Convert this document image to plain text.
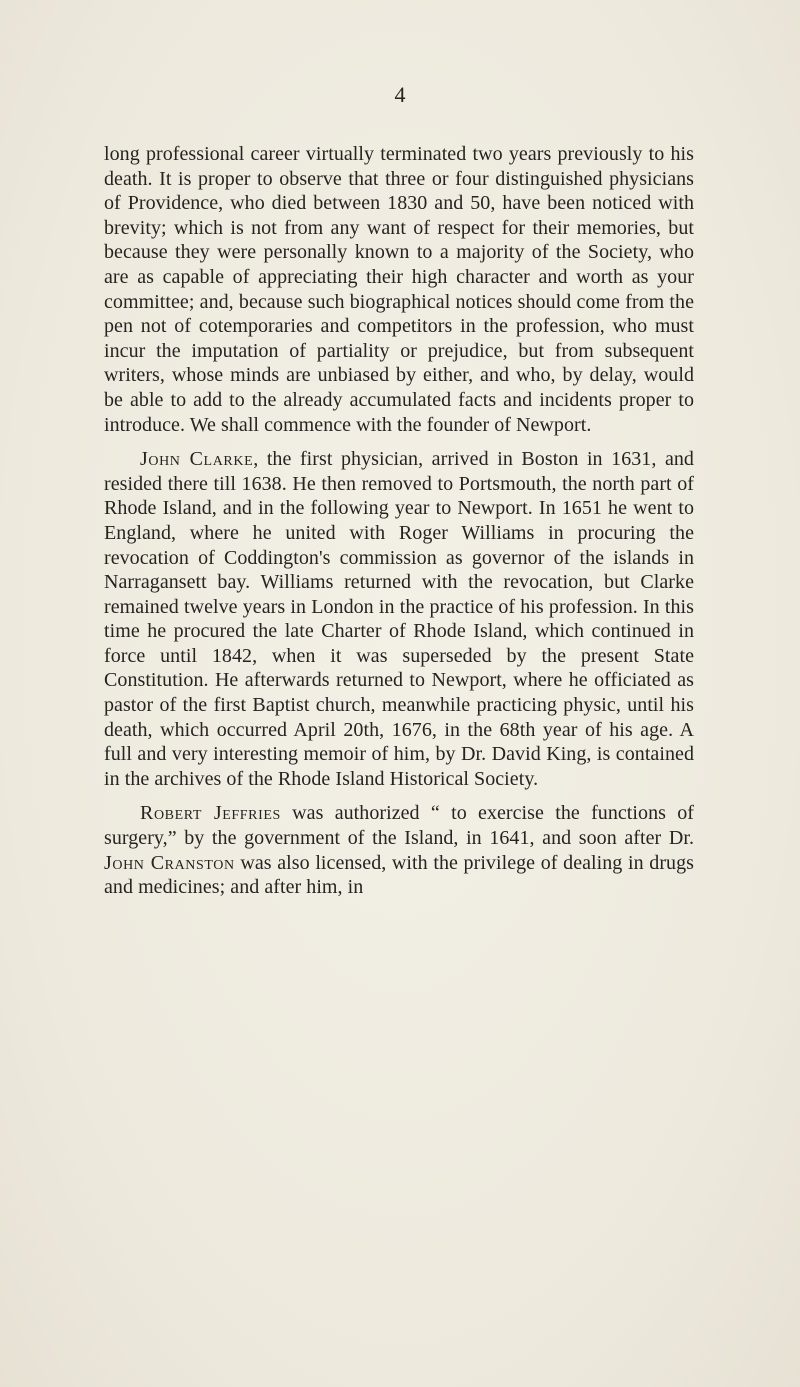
4

long professional career virtually terminated two years previously to his death. It is proper to observe that three or four distinguished physicians of Providence, who died between 1830 and 50, have been noticed with brevity; which is not from any want of respect for their memories, but because they were personally known to a majority of the Society, who are as capable of appreciating their high character and worth as your committee; and, because such biographical notices should come from the pen not of cotemporaries and competitors in the profession, who must incur the imputation of partiality or prejudice, but from subsequent writers, whose minds are unbiased by either, and who, by delay, would be able to add to the already accumulated facts and incidents proper to introduce. We shall commence with the founder of Newport.

John Clarke, the first physician, arrived in Boston in 1631, and resided there till 1638. He then removed to Portsmouth, the north part of Rhode Island, and in the following year to Newport. In 1651 he went to England, where he united with Roger Williams in procuring the revocation of Coddington's commission as governor of the islands in Narragansett bay. Williams returned with the revocation, but Clarke remained twelve years in London in the practice of his profession. In this time he procured the late Charter of Rhode Island, which continued in force until 1842, when it was superseded by the present State Constitution. He afterwards returned to Newport, where he officiated as pastor of the first Baptist church, meanwhile practicing physic, until his death, which occurred April 20th, 1676, in the 68th year of his age. A full and very interesting memoir of him, by Dr. David King, is contained in the archives of the Rhode Island Historical Society.

Robert Jeffries was authorized “ to exercise the functions of surgery,” by the government of the Island, in 1641, and soon after Dr. John Cranston was also licensed, with the privilege of dealing in drugs and medicines; and after him, in
